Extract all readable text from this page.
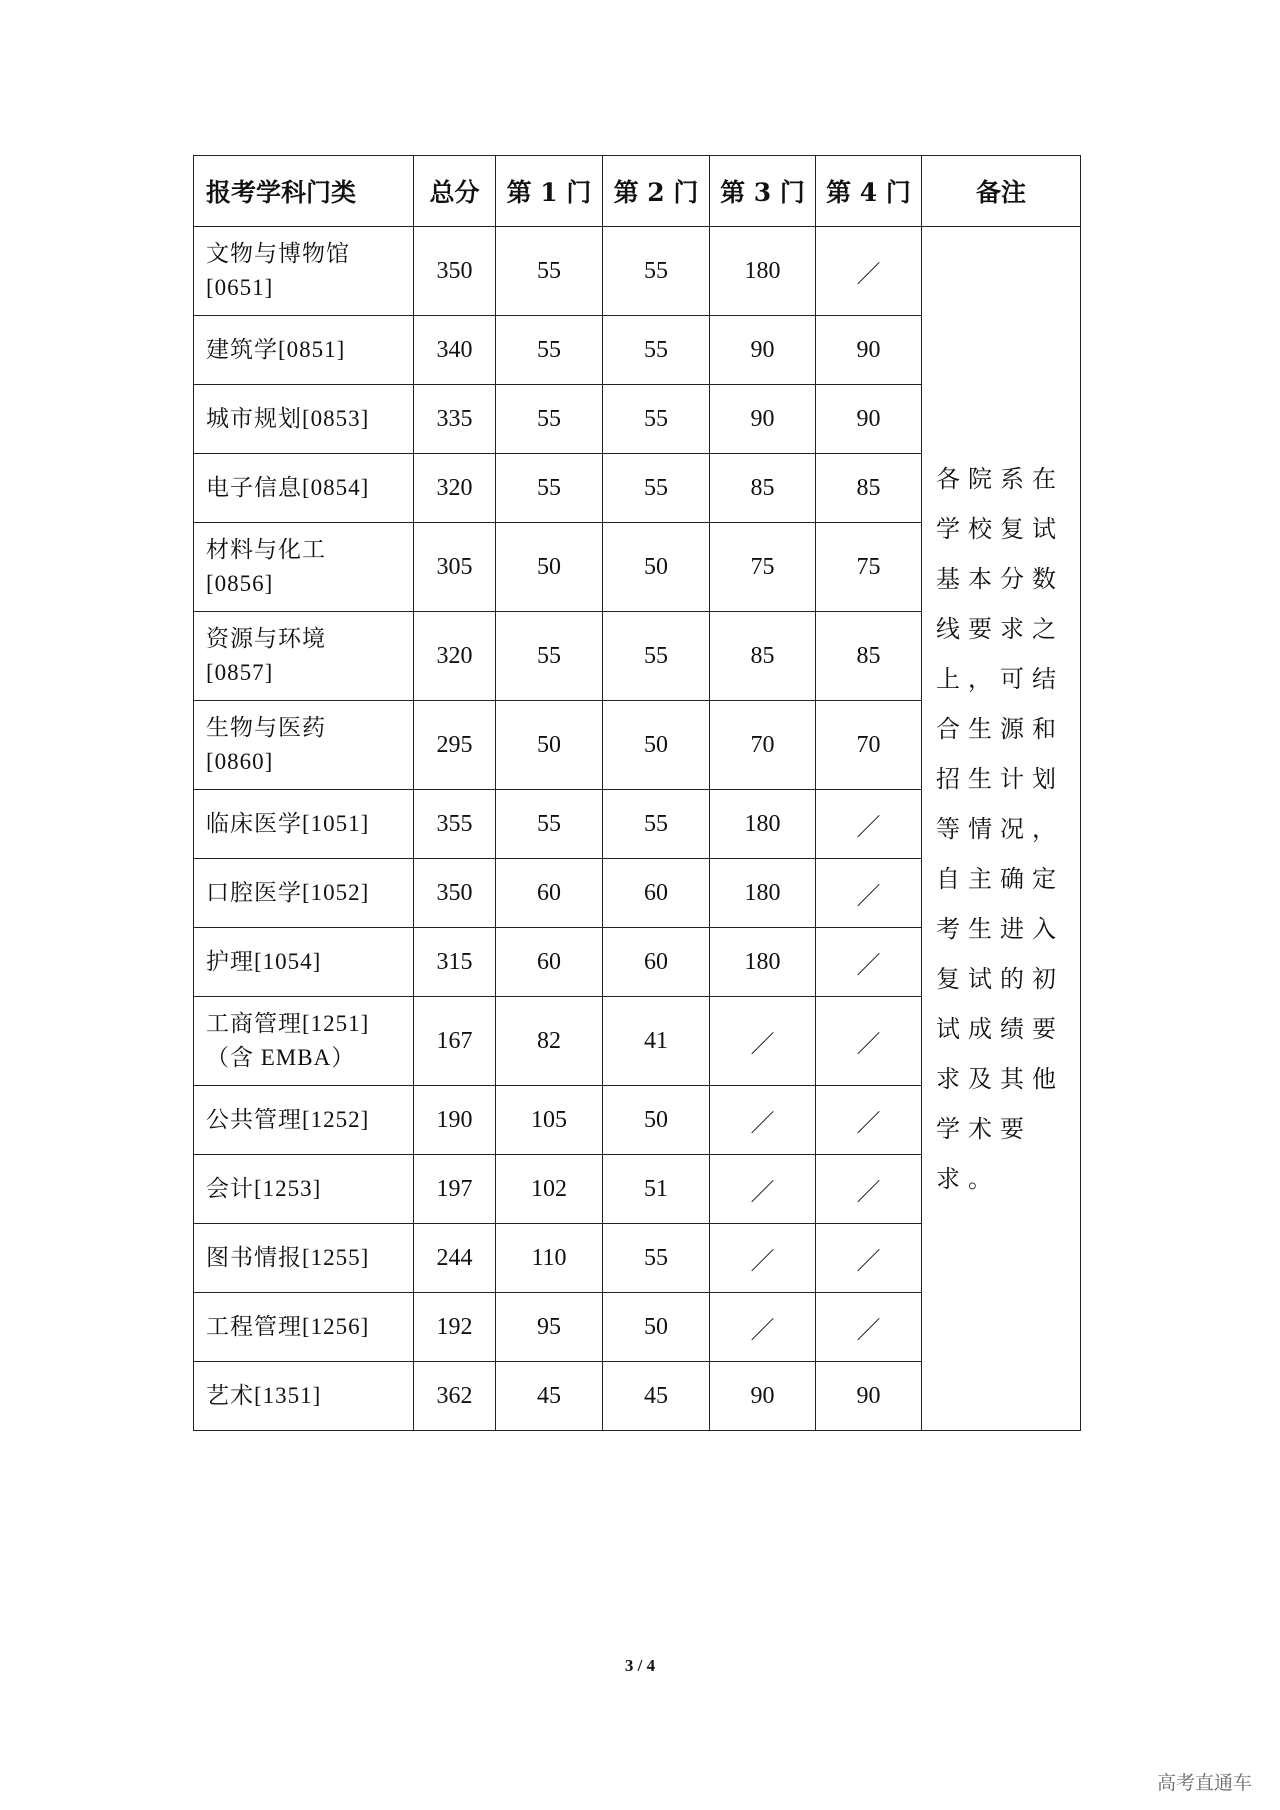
报考学科门类	总分	第 1 门	第 2 门	第 3 门	第 4 门	备注
文物与博物馆
[0651]	350	55	55	180	／	各院系在学校复试基本分数线要求之上，可结合生源和招生计划等情况，自主确定考生进入复试的初试成绩要求及其他学术要求。
建筑学[0851]	340	55	55	90	90	
城市规划[0853]	335	55	55	90	90	
电子信息[0854]	320	55	55	85	85	
材料与化工
[0856]	305	50	50	75	75	
资源与环境
[0857]	320	55	55	85	85	
生物与医药
[0860]	295	50	50	70	70	
临床医学[1051]	355	55	55	180	／	
口腔医学[1052]	350	60	60	180	／	
护理[1054]	315	60	60	180	／	
工商管理[1251]
（含 EMBA）	167	82	41	／	／	
公共管理[1252]	190	105	50	／	／	
会计[1253]	197	102	51	／	／	
图书情报[1255]	244	110	55	／	／	
工程管理[1256]	192	95	50	／	／	
艺术[1351]	362	45	45	90	90	
3 / 4
高考直通车
